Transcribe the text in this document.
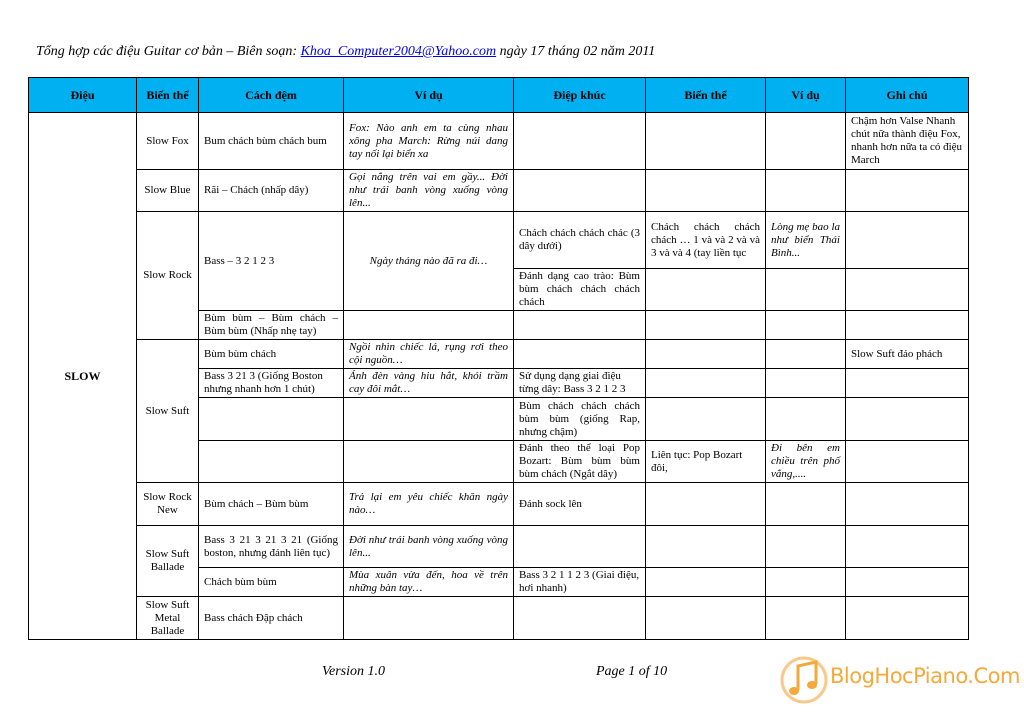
Tổng hợp các điệu Guitar cơ bản – Biên soạn: Khoa_Computer2004@Yahoo.com ngày 17 tháng 02 năm 2011
Điệu	Biến thể	Cách đệm	Ví dụ	Điệp khúc	Biến thể	Ví dụ	Ghi chú
SLOW	Slow Fox	Bum chách bùm chách bum	Fox: Nào anh em ta cùng nhau xông pha March: Rừng núi dang tay nối lại biển xa				Chậm hơn Valse Nhanh chút nữa thành điệu Fox, nhanh hơn nữa ta có điệu March
	Slow Blue	Rãi – Chách (nhấp dây)	Gọi nắng trên vai em gầy... Đời như trái banh vòng xuống vòng lên...				
	Slow Rock	Bass – 3 2 1 2 3	Ngày tháng nào đã ra đi…	Chách chách chách chác (3 dây dưới)	Chách chách chách chách … 1 và và 2 và và 3 và và 4 (tay liền tục	Lòng mẹ bao la như biển Thái Bình...	
				Đánh dạng cao trào: Bùm bùm chách chách chách chách			
		Bùm bùm – Bùm chách – Bùm bùm (Nhấp nhẹ tay)					
	Slow Suft	Bùm bùm chách	Ngồi nhìn chiếc lá, rụng rơi theo cội nguồn…				Slow Suft đảo phách
		Bass 3 21 3 (Giống Boston nhưng nhanh hơn 1 chút)	Ánh đèn vàng hiu hắt, khói trầm cay đôi mắt…	Sử dụng dạng giai điệu từng dây: Bass 3 2 1 2 3			
				Bùm chách chách chách bùm bùm (giống Rap, nhưng chậm)			
				Đánh theo thể loại Pop Bozart: Bùm bùm bùm bùm chách (Ngắt dây)	Liên tục: Pop Bozart đôi,	Đi bên em chiều trên phố vắng,....	
	Slow Rock New	Bùm chách – Bùm bùm	Trả lại em yêu chiếc khăn ngày nào…	Đánh sock lên			
	Slow Suft Ballade	Bass 3 21 3 21 3 21 (Giống boston, nhưng đánh liên tục)	Đời như trái banh vòng xuống vòng lên...				
		Chách bùm bùm	Mùa xuân vừa đến, hoa về trên những bàn tay…	Bass 3 2 1 1 2 3 (Giai điệu, hơi nhanh)			
	Slow Suft Metal Ballade	Bass chách Đập chách					
Version 1.0	Page 1 of 10	BlogHocPiano.Com
